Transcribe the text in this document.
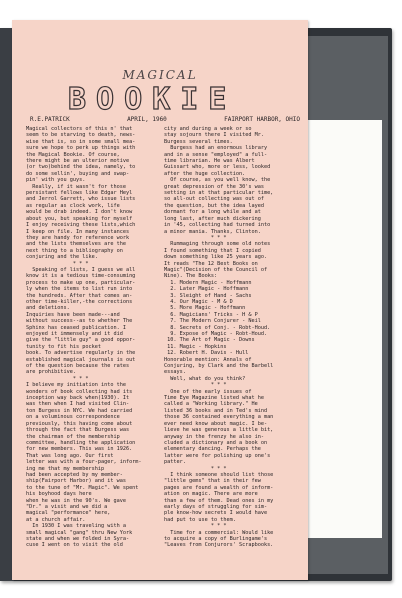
MAGICAL
BOOKIE
R.E.PATRICK	APRIL, 1960	FAIRPORT HARBOR, OHIO

Magical collectors of this n' that

seem to be starving to death, news-

wise that is, so in some small mea-

sure we hope to perk up things with

the Magical Bookie. Of course,

there might be an ulterior motive

(or two)behind the idea, namely, to

do some sellin', buying and swap-

pin' with you guys.

Really, if it wasn't for those

persistant fellows like Edgar Heyl

and Jerrol Garrett, who issue lists

as regular as clock work, life

would be drab indeed. I don't know

about you, but speaking for myself

I enjoy receiving these lists,which

I keep on file. In many instances

they are handy for reference work

and the lists themselves are the

next thing to a bibliography on

conjuring and the like.

* * *

Speaking of lists, I guess we all

know it is a tedious time-consuming

process to make up one, particular-

ly when the items to list run into

the hundreds. After that comes an-

other time-killer,-the corrections

and deletions.

Inquiries have been made---and

without success--as to whether The

Sphinx has ceased publication. I

enjoyed it immensely and it did

give the "little guy" a good oppor-

tunity to fit his pocket

book. To advertise regularly in the

established magical journals is out

of the question because the rates

are prohibitive.

* * *

I believe my initiation into the

wonders of book collecting had its

inception way back when(1930). It

was then when I had visited Clin-

ton Burgess in NYC. We had carried

on a voluminous correspondence

previously, this having come about

through the fact that Burgess was

the chairman of the membership

committee, handling the application

for new members. This was in 1926.

That was long ago. Our first

letter was with a four-pager, inform-

ing me that my membership

had been accepted by my member-

ship(Fairport Harbor) and it was

to the tune of "Mr. Magic". We spent

his boyhood days here

when he was in the 90's. We gave

"Dr." a visit and we did a

magical "performance" here,

at a church affair.

In 1930 I was traveling with a

small magical "gang" thru New York

state and when we folded in Syra-

cuse I went on to visit the old

city and during a week or so

stay sojourn there I visited Mr.

Burgess several times.

Burgess had an enormous library

and in a sense "employed" a full-

time librarian. He was Albert

Guissart who, more or less, looked

after the huge collection.

Of course, as you well know, the

great depression of the 30's was

setting in at that particular time,

so all-out collecting was out of

the question, but the idea layed

dormant for a long while and at

long last, after much dickering

in '45, collecting had turned into

a minor mania. Thanks, Clinton.

* * *

Rummaging through some old notes

I found something that I copied

down something like 25 years ago.

It reads "The 12 Best Books on

Magic"(Decision of the Council of

Nine). The Books:

1. Modern Magic - Hoffmann

2. Later Magic - Hoffmann

3. Sleight of Hand - Sachs

4. Our Magic - M & D

5. More Magic - Hoffmann

6. Magicians' Tricks - H & P

7. The Modern Conjurer - Neil

8. Secrets of Conj. - Robt-Houd.

9. Expose of Magic - Robt-Houd.

10. The Art of Magic - Downs

11. Magic - Hopkins

12. Robert H. Davis - Hull

Honorable mention: Annals of

Conjuring, by Clark and the Barbell

essays.

Well, what do you think?

* * *

One of the early issues of

Time Eye Magazine listed what he

called a "Working library." He

listed 36 books and in Ted's mind

those 36 contained everything a man

ever need know about magic. I be-

lieve he was generous a little bit,

anyway in the frenzy he also in-

cluded a dictionary and a book on

elementary dancing. Perhaps the

latter were for polishing up one's

patter.

* * *

I think someone should list those

"little gems" that in their few

pages are found a wealth of inform-

ation on magic. There are more

than a few of them. Dead ones in my

early days of struggling for sim-

ple know-how secrets I would have

had put to use to them.

* * *

Time for a commercial: Would like

to acquire a copy of Burlingame's

"Leaves from Conjurors' Scrapbooks.
